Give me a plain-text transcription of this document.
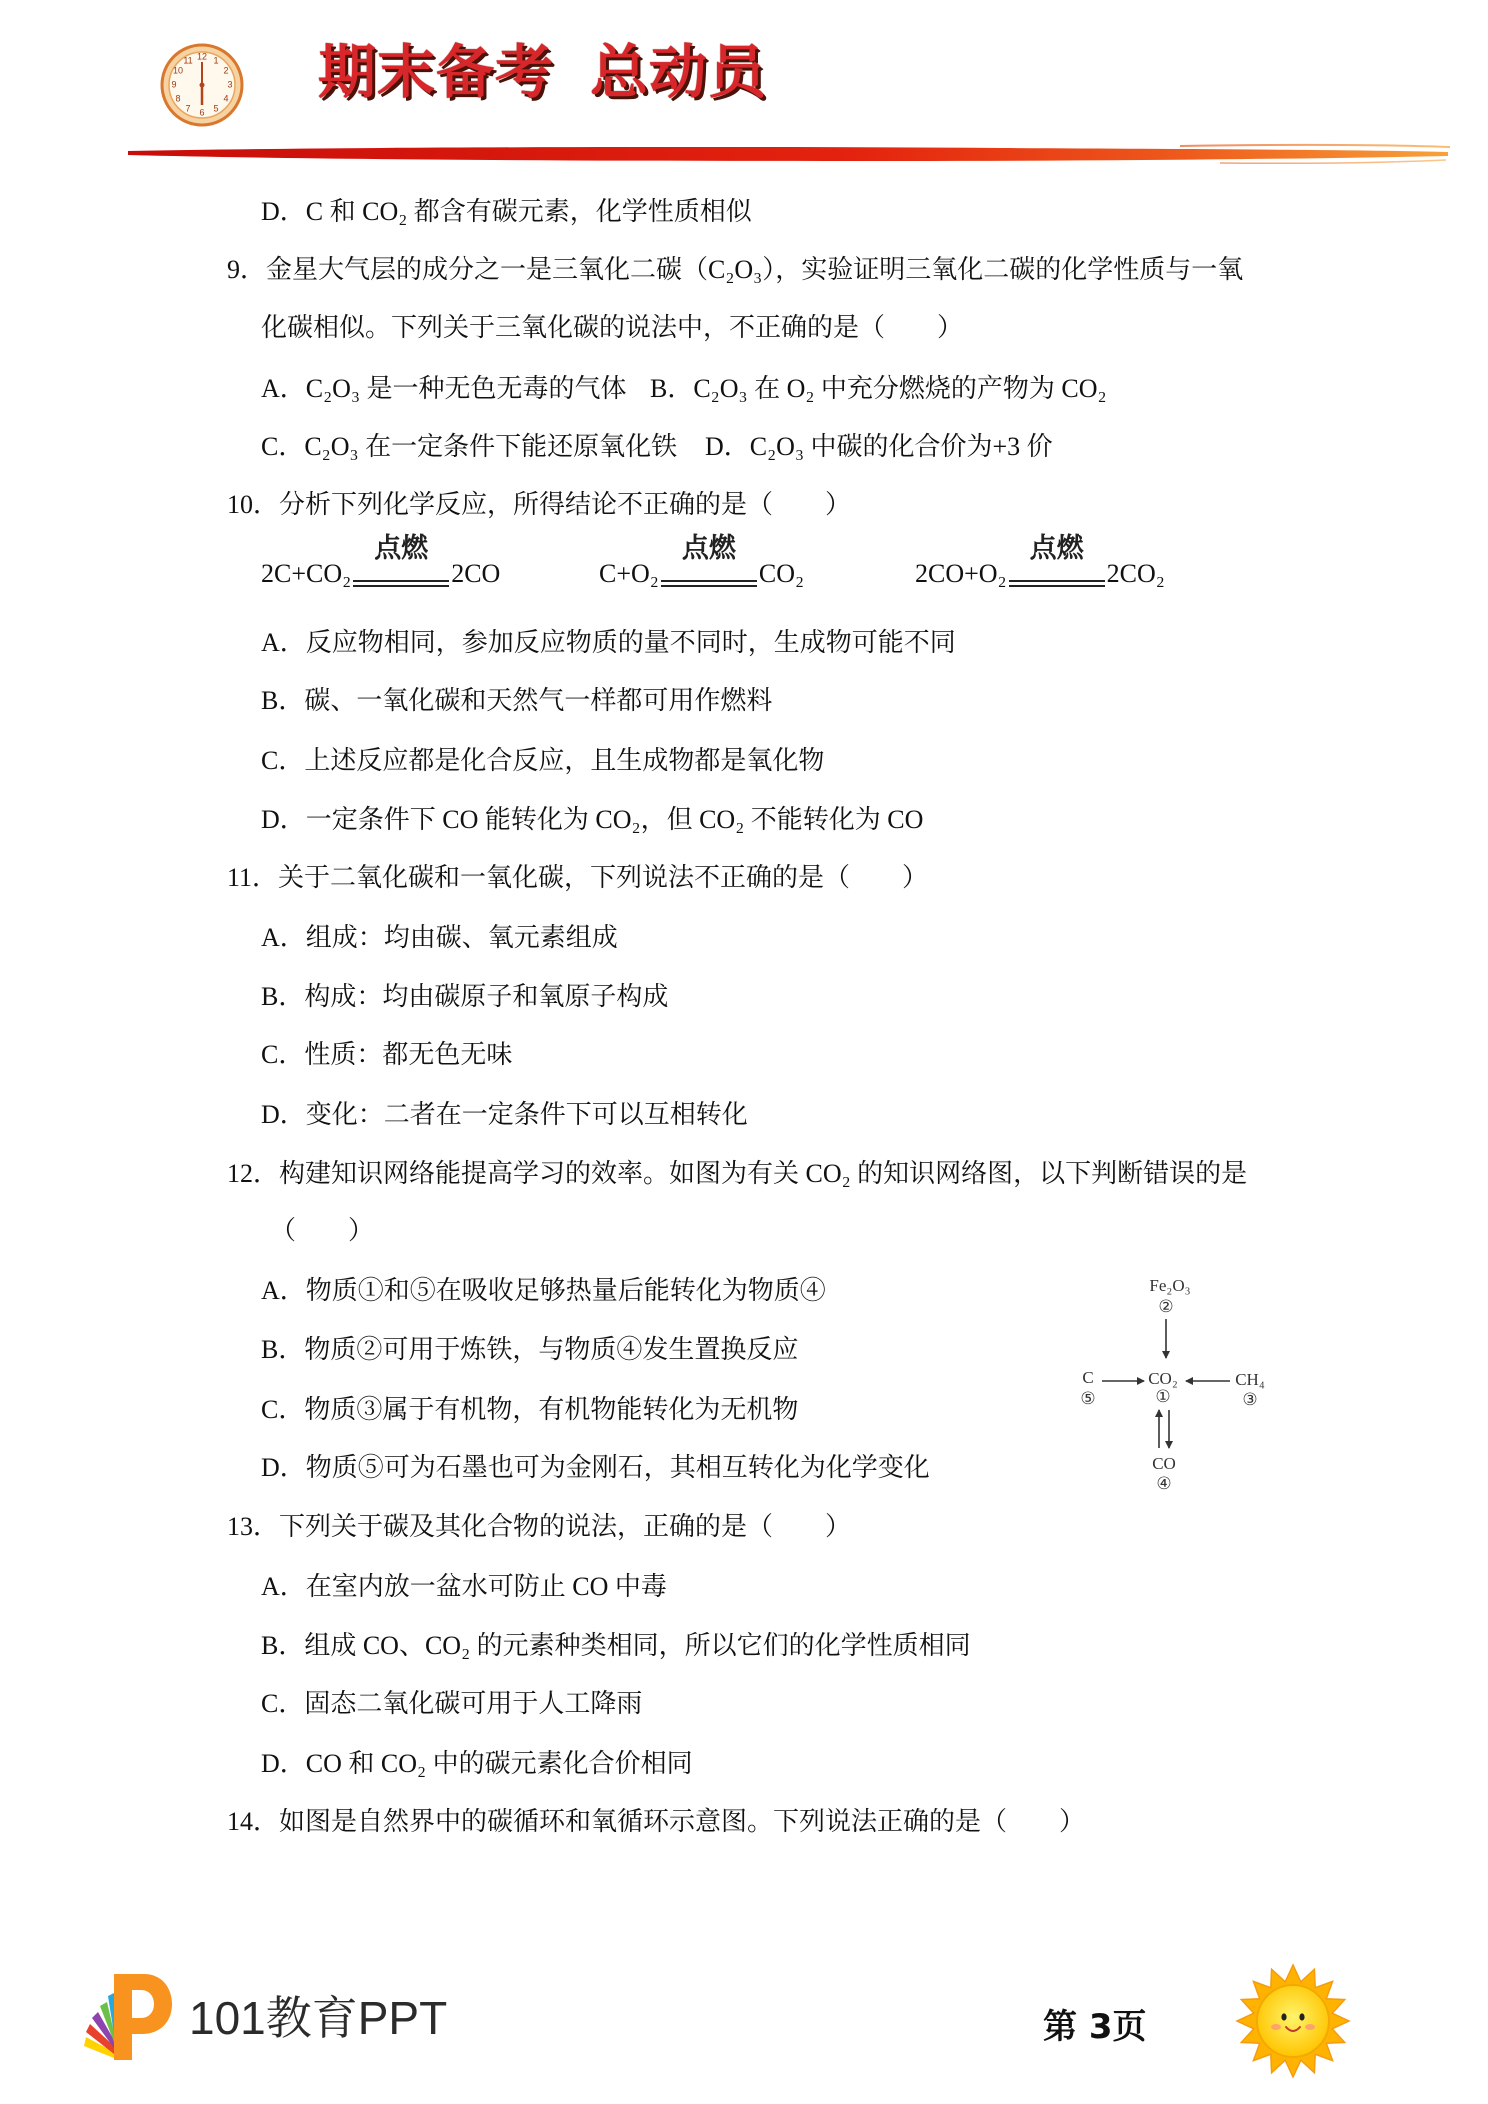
12 1
2
3
4
5
6
7
8
9
10
11 期末备考 总动员
D．C 和 CO₂ 都含有碳元素，化学性质相似
9．金星大气层的成分之一是三氧化二碳（C₂O₃），实验证明三氧化二碳的化学性质与一氧
化碳相似。下列关于三氧化碳的说法中，不正确的是（　　）
A．C₂O₃ 是一种无色无毒的气体 B．C₂O₃ 在 O₂ 中充分燃烧的产物为 CO₂
C．C₂O₃ 在一定条件下能还原氧化铁 D．C₂O₃ 中碳的化合价为+3 价
10．分析下列化学反应，所得结论不正确的是（　　）
2C+CO₂
点燃
2CO	C+O₂
点燃
CO₂	2CO+O₂
点燃
2CO₂
A．反应物相同，参加反应物质的量不同时，生成物可能不同
B．碳、一氧化碳和天然气一样都可用作燃料
C．上述反应都是化合反应，且生成物都是氧化物
D．一定条件下 CO 能转化为 CO₂，但 CO₂ 不能转化为 CO
11．关于二氧化碳和一氧化碳，下列说法不正确的是（　　）
A．组成：均由碳、氧元素组成
B．构成：均由碳原子和氧原子构成
C．性质：都无色无味
D．变化：二者在一定条件下可以互相转化
12．构建知识网络能提高学习的效率。如图为有关 CO₂ 的知识网络图，以下判断错误的是
（　　）
A．物质①和⑤在吸收足够热量后能转化为物质④
B．物质②可用于炼铁，与物质④发生置换反应
C．物质③属于有机物，有机物能转化为无机物
D．物质⑤可为石墨也可为金刚石，其相互转化为化学变化
Fe₂O₃
②
C
⑤
CO₂
①
CH₄
③
CO
④
13．下列关于碳及其化合物的说法，正确的是（　　）
A．在室内放一盆水可防止 CO 中毒
B．组成 CO、CO₂ 的元素种类相同，所以它们的化学性质相同
C．固态二氧化碳可用于人工降雨
D．CO 和 CO₂ 中的碳元素化合价相同
14．如图是自然界中的碳循环和氧循环示意图。下列说法正确的是（　　）
101教育PPT	第 3页
